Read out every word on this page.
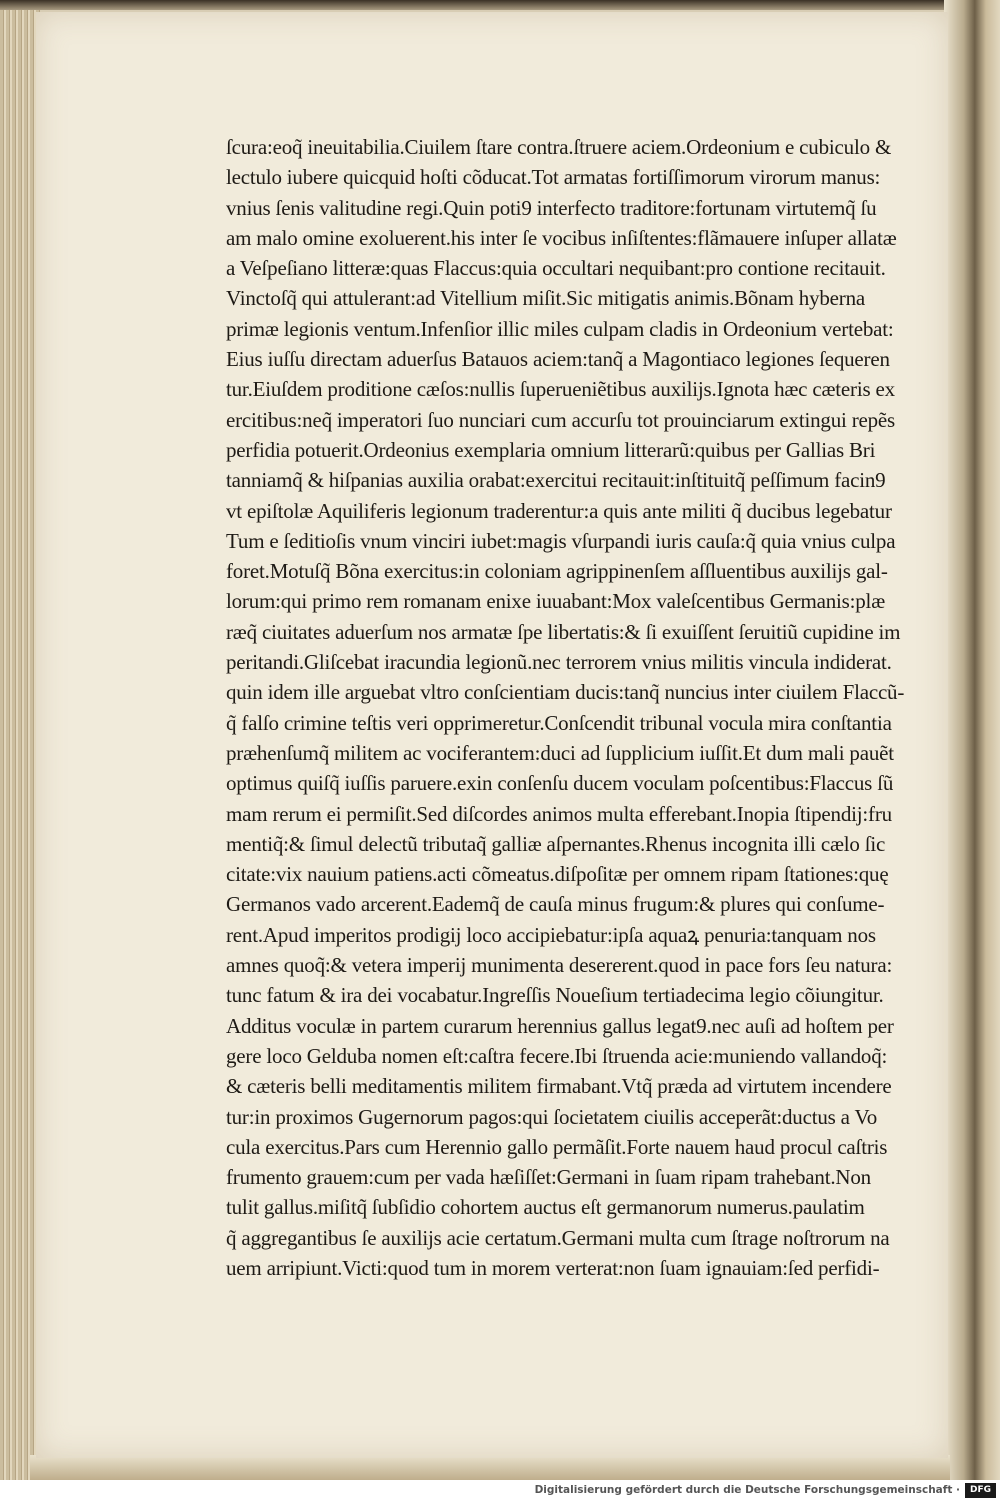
ſcura:eoq̃ ineuitabilia.Ciuilem ſtare contra.ſtruere aciem.Ordeonium e cubiculo &
lectulo iubere quicquid hoſti cõducat.Tot armatas fortiſſimorum virorum manus:
vnius ſenis valitudine regi.Quin poti9 interfecto traditore:fortunam virtutemq̃ ſu
am malo omine exoluerent.his inter ſe vocibus inſiſtentes:flãmauere inſuper allatæ
a Veſpeſiano litteræ:quas Flaccus:quia occultari nequibant:pro contione recitauit.
Vinctoſq̃ qui attulerant:ad Vitellium miſit.Sic mitigatis animis.Bõnam hyberna
primæ legionis ventum.Infenſior illic miles culpam cladis in Ordeonium vertebat:
Eius iuſſu directam aduerſus Batauos aciem:tanq̃ a Magontiaco legiones ſequeren
tur.Eiuſdem proditione cæſos:nullis ſuperueniẽtibus auxilijs.Ignota hæc cæteris ex
ercitibus:neq̃ imperatori ſuo nunciari cum accurſu tot prouinciarum extingui repẽs
perfidia potuerit.Ordeonius exemplaria omnium litterarũ:quibus per Gallias Bri
tanniamq̃ & hiſpanias auxilia orabat:exercitui recitauit:inſtituitq̃ peſſimum facin9
vt epiſtolæ Aquiliferis legionum traderentur:a quis ante militi q̃ ducibus legebatur
Tum e ſeditioſis vnum vinciri iubet:magis vſurpandi iuris cauſa:q̃ quia vnius culpa
foret.Motuſq̃ Bõna exercitus:in coloniam agrippinenſem aſſluentibus auxilijs gal-
lorum:qui primo rem romanam enixe iuuabant:Mox valeſcentibus Germanis:plæ
ræq̃ ciuitates aduerſum nos armatæ ſpe libertatis:& ſi exuiſſent ſeruitiũ cupidine im
peritandi.Gliſcebat iracundia legionũ.nec terrorem vnius militis vincula indiderat.
quin idem ille arguebat vltro conſcientiam ducis:tanq̃ nuncius inter ciuilem Flaccũ-
q̃ falſo crimine teſtis veri opprimeretur.Conſcendit tribunal vocula mira conſtantia
præhenſumq̃ militem ac vociferantem:duci ad ſupplicium iuſſit.Et dum mali pauẽt
optimus quiſq̃ iuſſis paruere.exin conſenſu ducem voculam poſcentibus:Flaccus ſũ
mam rerum ei permiſit.Sed diſcordes animos multa efferebant.Inopia ſtipendij:fru
mentiq̃:& ſimul delectũ tributaq̃ galliæ aſpernantes.Rhenus incognita illi cælo ſic
citate:vix nauium patiens.acti cõmeatus.diſpoſitæ per omnem ripam ſtationes:quę
Germanos vado arcerent.Eademq̃ de cauſa minus frugum:& plures qui conſume-
rent.Apud imperitos prodigij loco accipiebatur:ipſa aquaꝝ penuria:tanquam nos
amnes quoq̃:& vetera imperij munimenta desererent.quod in pace fors ſeu natura:
tunc fatum & ira dei vocabatur.Ingreſſis Noueſium tertiadecima legio cõiungitur.
Additus voculæ in partem curarum herennius gallus legat9.nec auſi ad hoſtem per
gere loco Gelduba nomen eſt:caſtra fecere.Ibi ſtruenda acie:muniendo vallandoq̃:
& cæteris belli meditamentis militem firmabant.Vtq̃ præda ad virtutem incendere
tur:in proximos Gugernorum pagos:qui ſocietatem ciuilis acceperãt:ductus a Vo
cula exercitus.Pars cum Herennio gallo permãſit.Forte nauem haud procul caſtris
frumento grauem:cum per vada hæſiſſet:Germani in ſuam ripam trahebant.Non
tulit gallus.miſitq̃ ſubſidio cohortem auctus eſt germanorum numerus.paulatim
q̃ aggregantibus ſe auxilijs acie certatum.Germani multa cum ſtrage noſtrorum na
uem arripiunt.Victi:quod tum in morem verterat:non ſuam ignauiam:ſed perfidi-
Digitalisierung gefördert durch die Deutsche Forschungsgemeinschaft ·	DFG
